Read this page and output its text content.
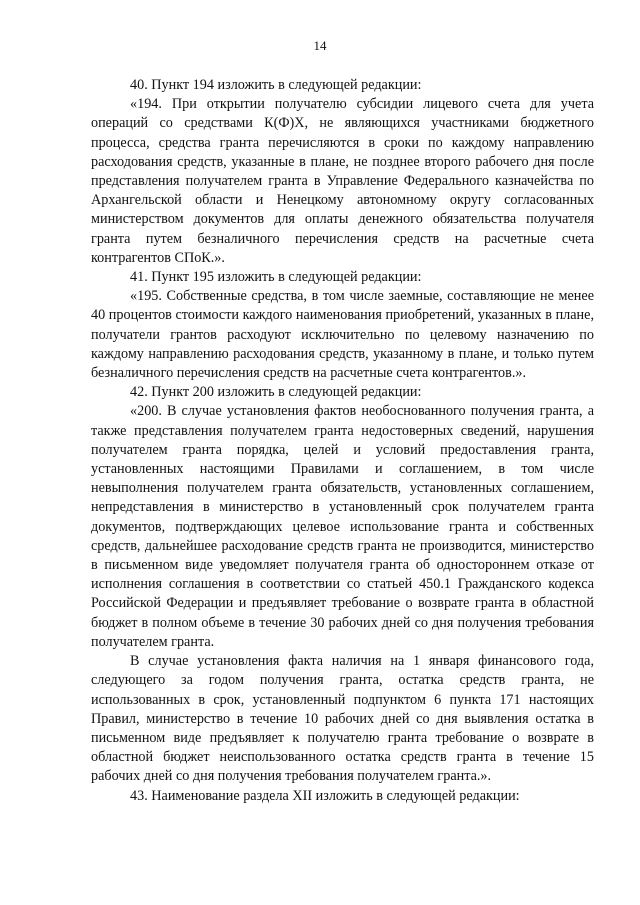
14

40. Пункт 194 изложить в следующей редакции:

«194. При открытии получателю субсидии лицевого счета для учета операций со средствами К(Ф)Х, не являющихся участниками бюджетного процесса, средства гранта перечисляются в сроки по каждому направлению расходования средств, указанные в плане, не позднее второго рабочего дня после представления получателем гранта в Управление Федерального казначейства по Архангельской области и Ненецкому автономному округу согласованных министерством документов для оплаты денежного обязательства получателя гранта путем безналичного перечисления средств на расчетные счета контрагентов СПоК.».

41. Пункт 195 изложить в следующей редакции:

«195. Собственные средства, в том числе заемные, составляющие не менее 40 процентов стоимости каждого наименования приобретений, указанных в плане, получатели грантов расходуют исключительно по целевому назначению по каждому направлению расходования средств, указанному в плане, и только путем безналичного перечисления средств на расчетные счета контрагентов.».

42. Пункт 200 изложить в следующей редакции:

«200. В случае установления фактов необоснованного получения гранта, а также представления получателем гранта недостоверных сведений, нарушения получателем гранта порядка, целей и условий предоставления гранта, установленных настоящими Правилами и соглашением, в том числе невыполнения получателем гранта обязательств, установленных соглашением, непредставления в министерство в установленный срок получателем гранта документов, подтверждающих целевое использование гранта и собственных средств, дальнейшее расходование средств гранта не производится, министерство в письменном виде уведомляет получателя гранта об одностороннем отказе от исполнения соглашения в соответствии со статьей 450.1 Гражданского кодекса Российской Федерации и предъявляет требование о возврате гранта в областной бюджет в полном объеме в течение 30 рабочих дней со дня получения требования получателем гранта.

В случае установления факта наличия на 1 января финансового года, следующего за годом получения гранта, остатка средств гранта, не использованных в срок, установленный подпунктом 6 пункта 171 настоящих Правил, министерство в течение 10 рабочих дней со дня выявления остатка в письменном виде предъявляет к получателю гранта требование о возврате в областной бюджет неиспользованного остатка средств гранта в течение 15 рабочих дней со дня получения требования получателем гранта.».

43. Наименование раздела XII изложить в следующей редакции:
